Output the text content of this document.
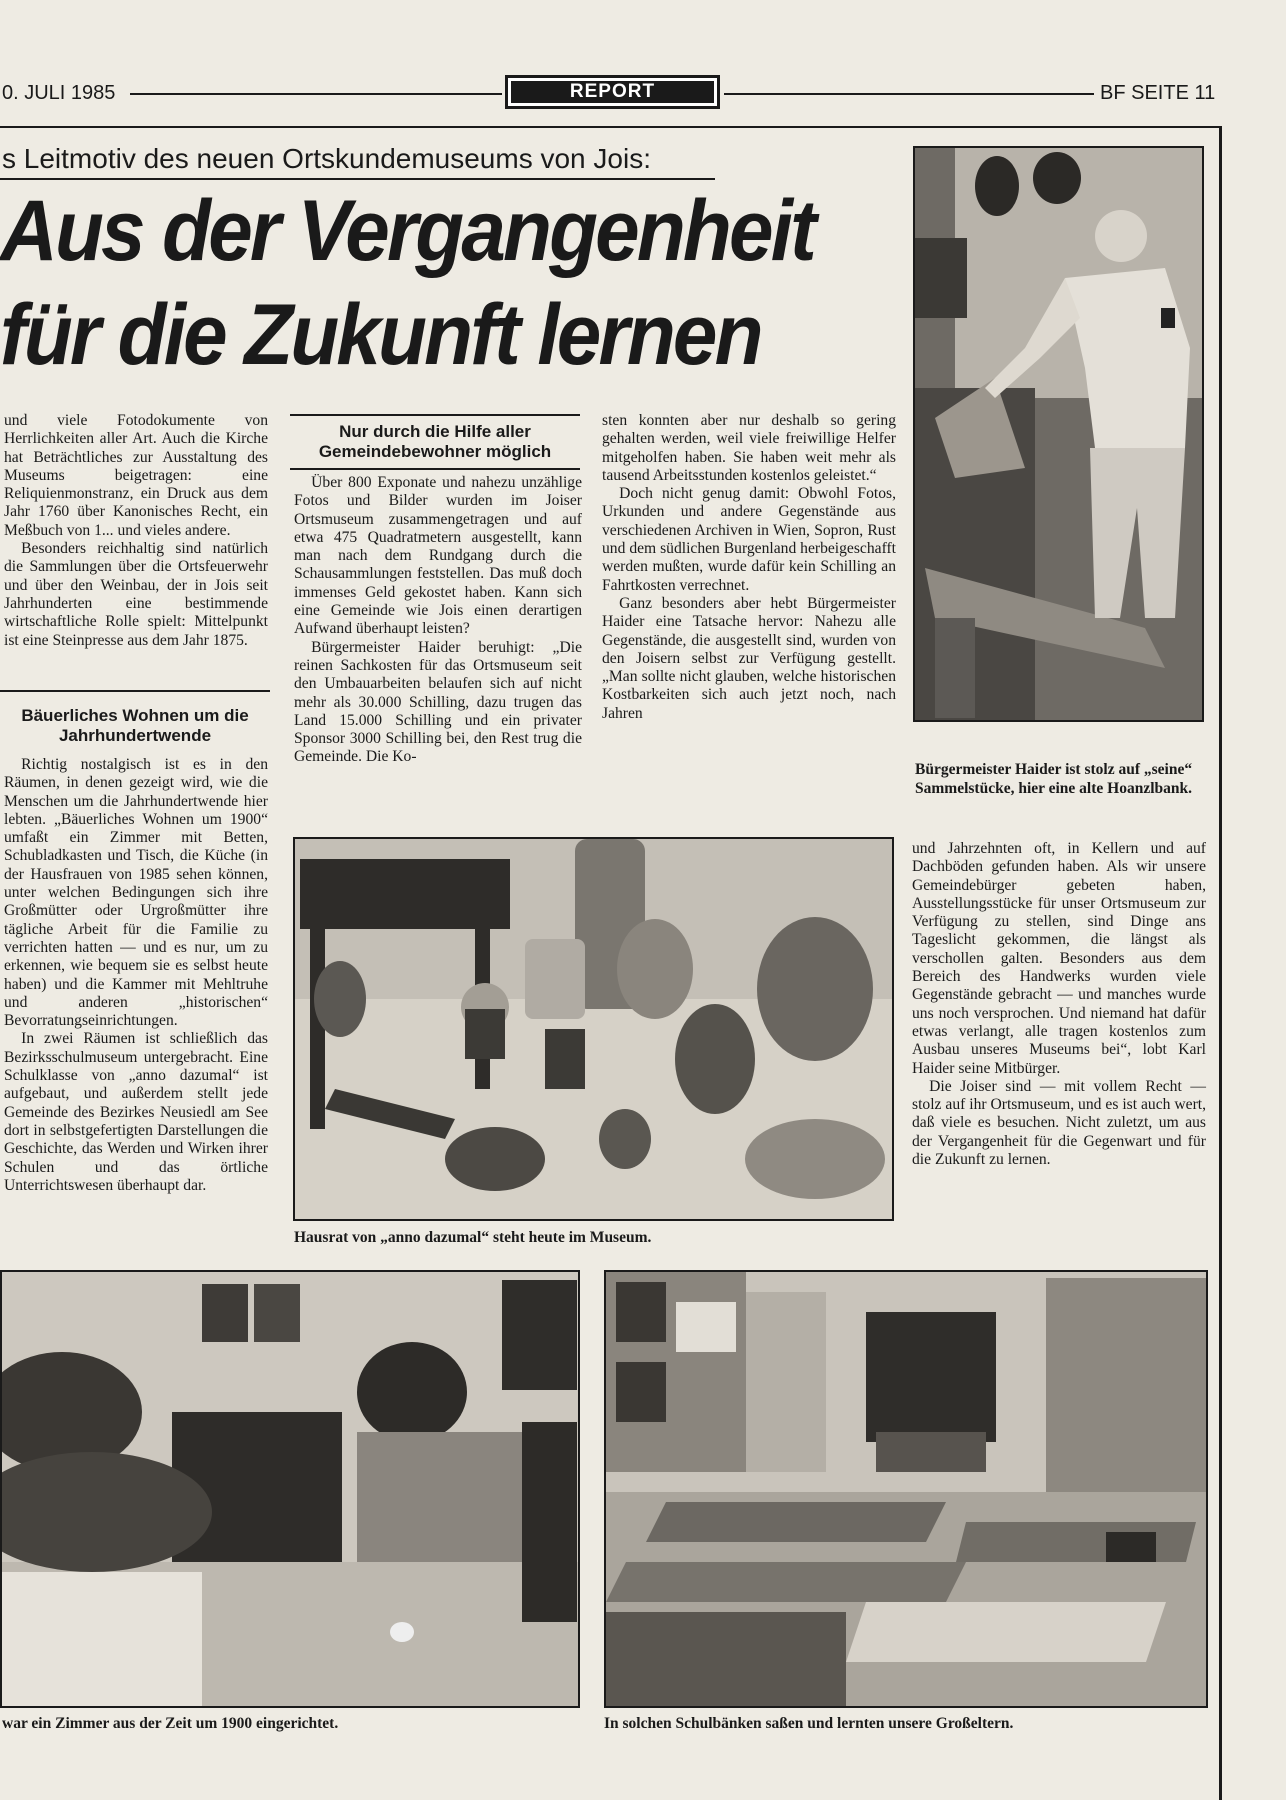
0. JULI 1985	REPORT	BF SEITE 11
s Leitmotiv des neuen Ortskundemuseums von Jois:
Aus der Vergangenheit
für die Zukunft lernen

und viele Fotodokumente von Herrlichkeiten aller Art. Auch die Kirche hat Beträchtliches zur Ausstaltung des Museums beigetragen: eine Reliquienmonstranz, ein Druck aus dem Jahr 1760 über Kanonisches Recht, ein Meßbuch von 1... und vieles andere.

Besonders reichhaltig sind natürlich die Sammlungen über die Ortsfeuerwehr und über den Weinbau, der in Jois seit Jahrhunderten eine bestimmende wirtschaftliche Rolle spielt: Mittelpunkt ist eine Steinpresse aus dem Jahr 1875.

Bäuerliches Wohnen um die Jahrhundertwende

Richtig nostalgisch ist es in den Räumen, in denen gezeigt wird, wie die Menschen um die Jahrhundertwende hier lebten. „Bäuerliches Wohnen um 1900“ umfaßt ein Zimmer mit Betten, Schubladkasten und Tisch, die Küche (in der Hausfrauen von 1985 sehen können, unter welchen Bedingungen sich ihre Großmütter oder Urgroßmütter ihre tägliche Arbeit für die Familie zu verrichten hatten — und es nur, um zu erkennen, wie bequem sie es selbst heute haben) und die Kammer mit Mehltruhe und anderen „historischen“ Bevorratungseinrichtungen.

In zwei Räumen ist schließlich das Bezirksschulmuseum untergebracht. Eine Schulklasse von „anno dazumal“ ist aufgebaut, und außerdem stellt jede Gemeinde des Bezirkes Neusiedl am See dort in selbstgefertigten Darstellungen die Geschichte, das Werden und Wirken ihrer Schulen und das örtliche Unterrichtswesen überhaupt dar.

Nur durch die Hilfe aller Gemeindebewohner möglich

Über 800 Exponate und nahezu unzählige Fotos und Bilder wurden im Joiser Ortsmuseum zusammengetragen und auf etwa 475 Quadratmetern ausgestellt, kann man nach dem Rundgang durch die Schausammlungen feststellen. Das muß doch immenses Geld gekostet haben. Kann sich eine Gemeinde wie Jois einen derartigen Aufwand überhaupt leisten?

Bürgermeister Haider beruhigt: „Die reinen Sachkosten für das Ortsmuseum seit den Umbauarbeiten belaufen sich auf nicht mehr als 30.000 Schilling, dazu trugen das Land 15.000 Schilling und ein privater Sponsor 3000 Schilling bei, den Rest trug die Gemeinde. Die Ko-

sten konnten aber nur deshalb so gering gehalten werden, weil viele freiwillige Helfer mitgeholfen haben. Sie haben weit mehr als tausend Arbeitsstunden kostenlos geleistet.“

Doch nicht genug damit: Obwohl Fotos, Urkunden und andere Gegenstände aus verschiedenen Archiven in Wien, Sopron, Rust und dem südlichen Burgenland herbeigeschafft werden mußten, wurde dafür kein Schilling an Fahrtkosten verrechnet.

Ganz besonders aber hebt Bürgermeister Haider eine Tatsache hervor: Nahezu alle Gegenstände, die ausgestellt sind, wurden von den Joisern selbst zur Verfügung gestellt. „Man sollte nicht glauben, welche historischen Kostbarkeiten sich auch jetzt noch, nach Jahren

Bürgermeister Haider ist stolz auf „seine“ Sammelstücke, hier eine alte Hoanzlbank.
Hausrat von „anno dazumal“ steht heute im Museum.

und Jahrzehnten oft, in Kellern und auf Dachböden gefunden haben. Als wir unsere Gemeindebürger gebeten haben, Ausstellungsstücke für unser Ortsmuseum zur Verfügung zu stellen, sind Dinge ans Tageslicht gekommen, die längst als verschollen galten. Besonders aus dem Bereich des Handwerks wurden viele Gegenstände gebracht — und manches wurde uns noch versprochen. Und niemand hat dafür etwas verlangt, alle tragen kostenlos zum Ausbau unseres Museums bei“, lobt Karl Haider seine Mitbürger.

Die Joiser sind — mit vollem Recht — stolz auf ihr Ortsmuseum, und es ist auch wert, daß viele es besuchen. Nicht zuletzt, um aus der Vergangenheit für die Gegenwart und für die Zukunft zu lernen.

war ein Zimmer aus der Zeit um 1900 eingerichtet.	In solchen Schulbänken saßen und lernten unsere Großeltern.
